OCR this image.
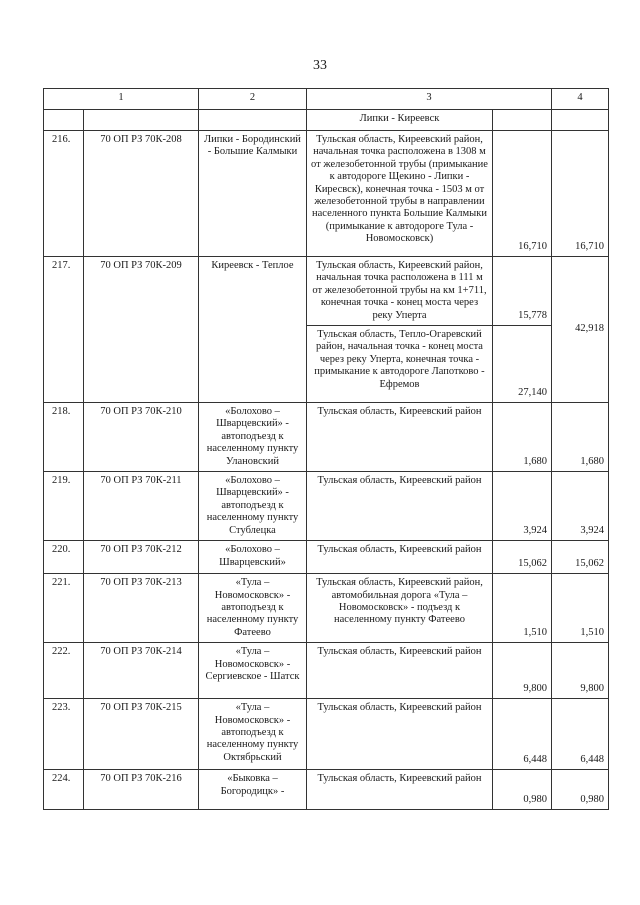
33
1		2	3		4
			Липки - Киреевск		
216.	70 ОП РЗ 70К-208	Липки - Бородинский - Большие Калмыки	Тульская область, Киреевский район, начальная точка расположена в 1308 м от железобетонной трубы (примыкание к автодороге Щекино - Липки - Киресвск), конечная точка - 1503 м от железобетонной трубы в направлении населенного пункта Большие Калмыки (примыкание к автодороге Тула - Новомосковск)	16,710	16,710
217.	70 ОП РЗ 70К-209	Киреевск - Теплое	Тульская область, Киреевский район, начальная точка расположена в 111 м от железобетонной трубы на км 1+711, конечная точка - конец моста через реку Уперта	15,778	42,918
			Тульская область, Тепло-Огаревский район, начальная точка - конец моста через реку Уперта, конечная точка - примыкание к автодороге Лапотково - Ефремов	27,140	
218.	70 ОП РЗ 70К-210	«Болохово – Шварцевский» - автоподъезд к населенному пункту Улановский	Тульская область, Киреевский район	1,680	1,680
219.	70 ОП РЗ 70К-211	«Болохово – Шварцевский» - автоподъезд к населенному пункту Стублецка	Тульская область, Киреевский район	3,924	3,924
220.	70 ОП РЗ 70К-212	«Болохово – Шварцевский»	Тульская область, Киреевский район	15,062	15,062
221.	70 ОП РЗ 70К-213	«Тула – Новомосковск» - автоподъезд к населенному пункту Фатеево	Тульская область, Киреевский район, автомобильная дорога «Тула – Новомосковск» - подъезд к населенному пункту Фатеево	1,510	1,510
222.	70 ОП РЗ 70К-214	«Тула – Новомосковск» - Сергиевское - Шатск	Тульская область, Киреевский район	9,800	9,800
223.	70 ОП РЗ 70К-215	«Тула – Новомосковск» - автоподъезд к населенному пункту Октябрьский	Тульская область, Киреевский район	6,448	6,448
224.	70 ОП РЗ 70К-216	«Быковка – Богородицк» -	Тульская область, Киреевский район	0,980	0,980
